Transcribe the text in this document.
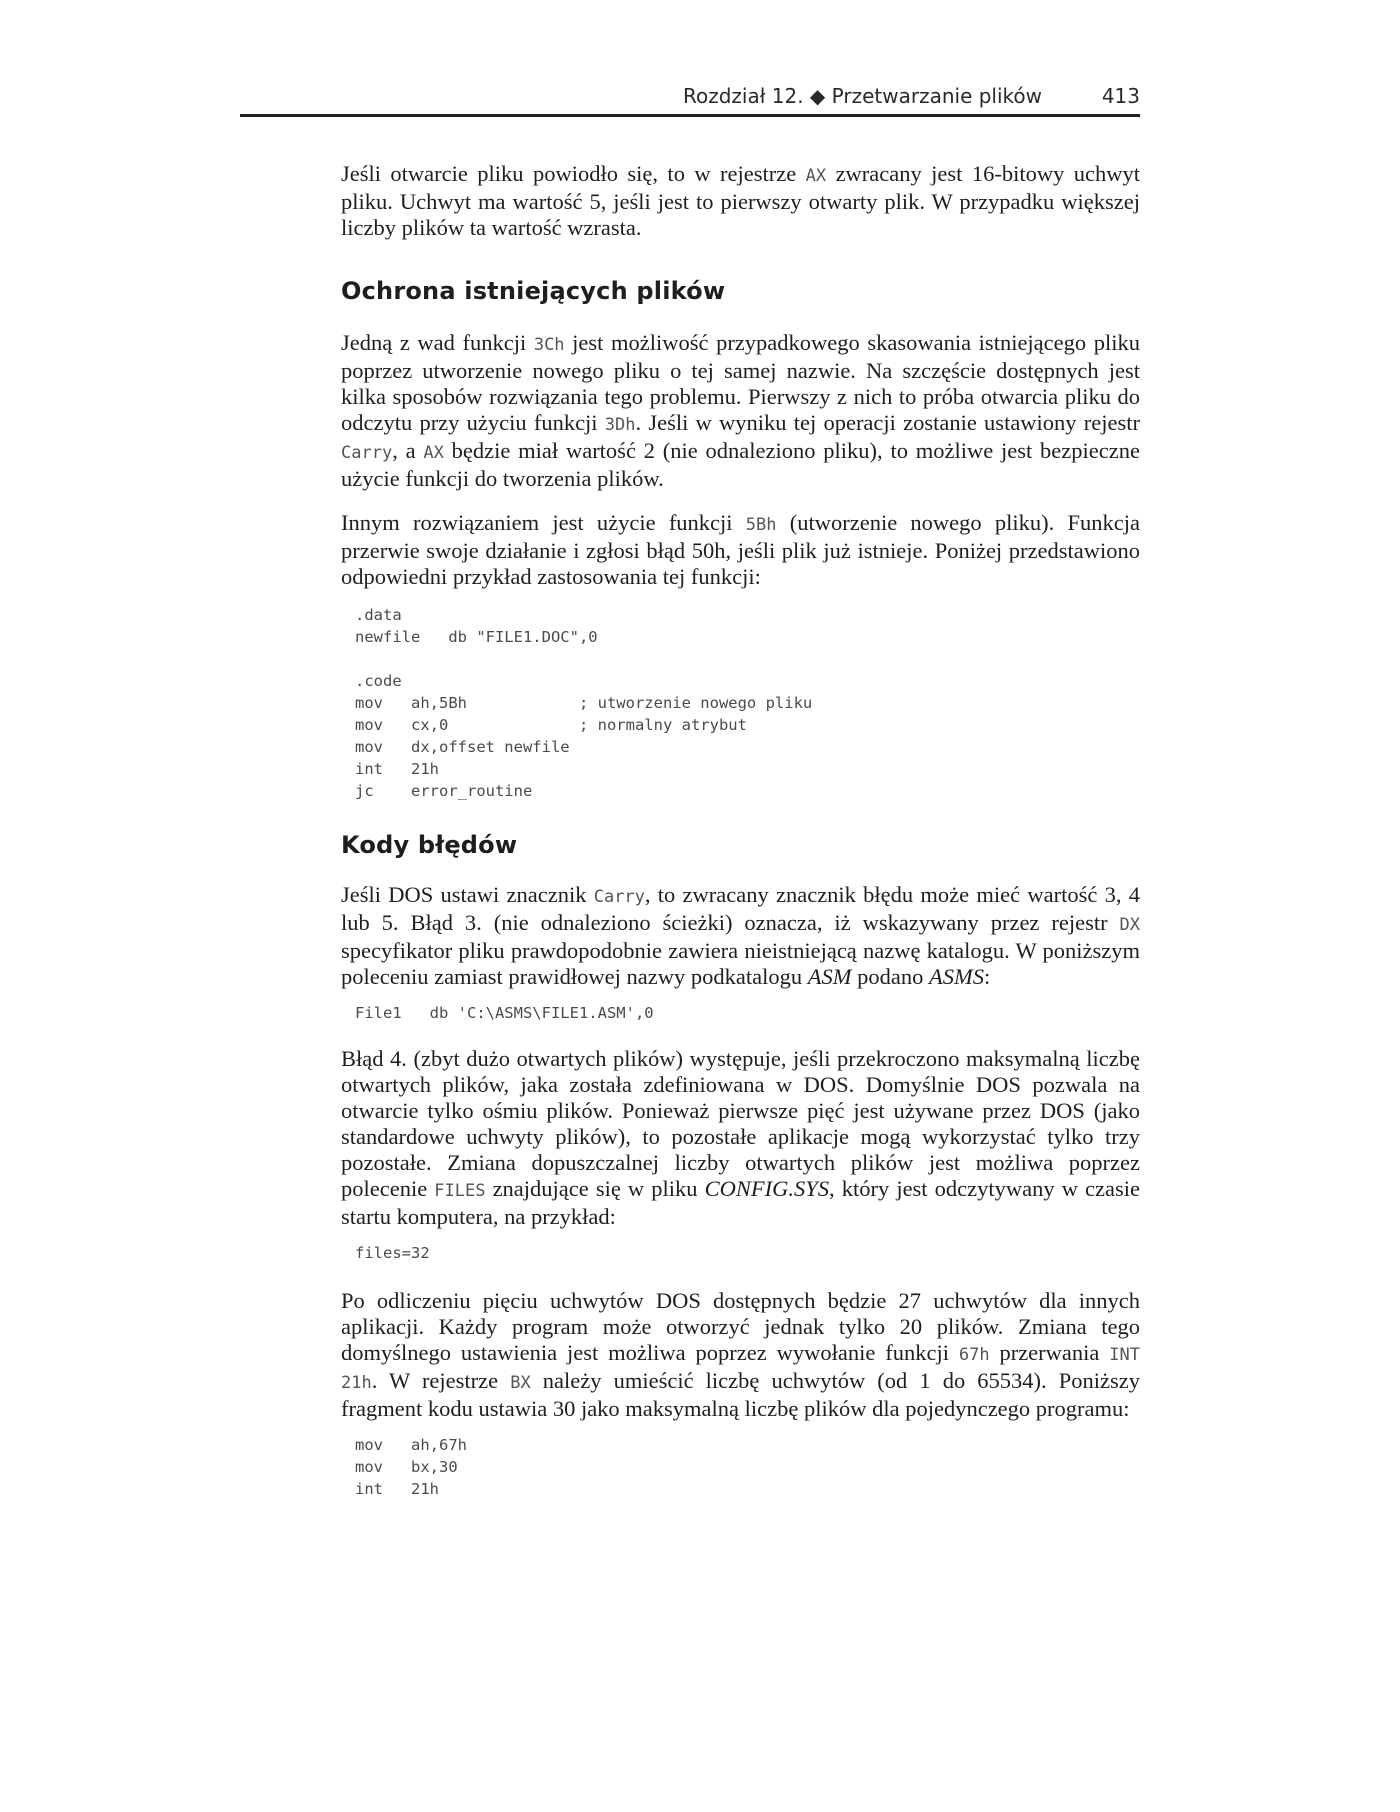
Rozdział 12. ◆ Przetwarzanie plików	413

Jeśli otwarcie pliku powiodło się, to w rejestrze AX zwracany jest 16-bitowy uchwyt pliku. Uchwyt ma wartość 5, jeśli jest to pierwszy otwarty plik. W przypadku większej liczby plików ta wartość wzrasta.

Ochrona istniejących plików

Jedną z wad funkcji 3Ch jest możliwość przypadkowego skasowania istniejącego pliku poprzez utworzenie nowego pliku o tej samej nazwie. Na szczęście dostępnych jest kilka sposobów rozwiązania tego problemu. Pierwszy z nich to próba otwarcia pliku do odczytu przy użyciu funkcji 3Dh. Jeśli w wyniku tej operacji zostanie ustawiony rejestr Carry, a AX będzie miał wartość 2 (nie odnaleziono pliku), to możliwe jest bezpieczne użycie funkcji do tworzenia plików.

Innym rozwiązaniem jest użycie funkcji 5Bh (utworzenie nowego pliku). Funkcja przerwie swoje działanie i zgłosi błąd 50h, jeśli plik już istnieje. Poniżej przedstawiono odpowiedni przykład zastosowania tej funkcji:

.data
newfile   db "FILE1.DOC",0

.code
mov   ah,5Bh            ; utworzenie nowego pliku
mov   cx,0              ; normalny atrybut
mov   dx,offset newfile
int   21h
jc    error_routine
Kody błędów

Jeśli DOS ustawi znacznik Carry, to zwracany znacznik błędu może mieć wartość 3, 4 lub 5. Błąd 3. (nie odnaleziono ścieżki) oznacza, iż wskazywany przez rejestr DX specyfikator pliku prawdopodobnie zawiera nieistniejącą nazwę katalogu. W poniższym poleceniu zamiast prawidłowej nazwy podkatalogu ASM podano ASMS:

File1   db 'C:\ASMS\FILE1.ASM',0

Błąd 4. (zbyt dużo otwartych plików) występuje, jeśli przekroczono maksymalną liczbę otwartych plików, jaka została zdefiniowana w DOS. Domyślnie DOS pozwala na otwarcie tylko ośmiu plików. Ponieważ pierwsze pięć jest używane przez DOS (jako standardowe uchwyty plików), to pozostałe aplikacje mogą wykorzystać tylko trzy pozostałe. Zmiana dopuszczalnej liczby otwartych plików jest możliwa poprzez polecenie FILES znajdujące się w pliku CONFIG.SYS, który jest odczytywany w czasie startu komputera, na przykład:

files=32

Po odliczeniu pięciu uchwytów DOS dostępnych będzie 27 uchwytów dla innych aplikacji. Każdy program może otworzyć jednak tylko 20 plików. Zmiana tego domyślnego ustawienia jest możliwa poprzez wywołanie funkcji 67h przerwania INT 21h. W rejestrze BX należy umieścić liczbę uchwytów (od 1 do 65534). Poniższy fragment kodu ustawia 30 jako maksymalną liczbę plików dla pojedynczego programu:

mov   ah,67h
mov   bx,30
int   21h
